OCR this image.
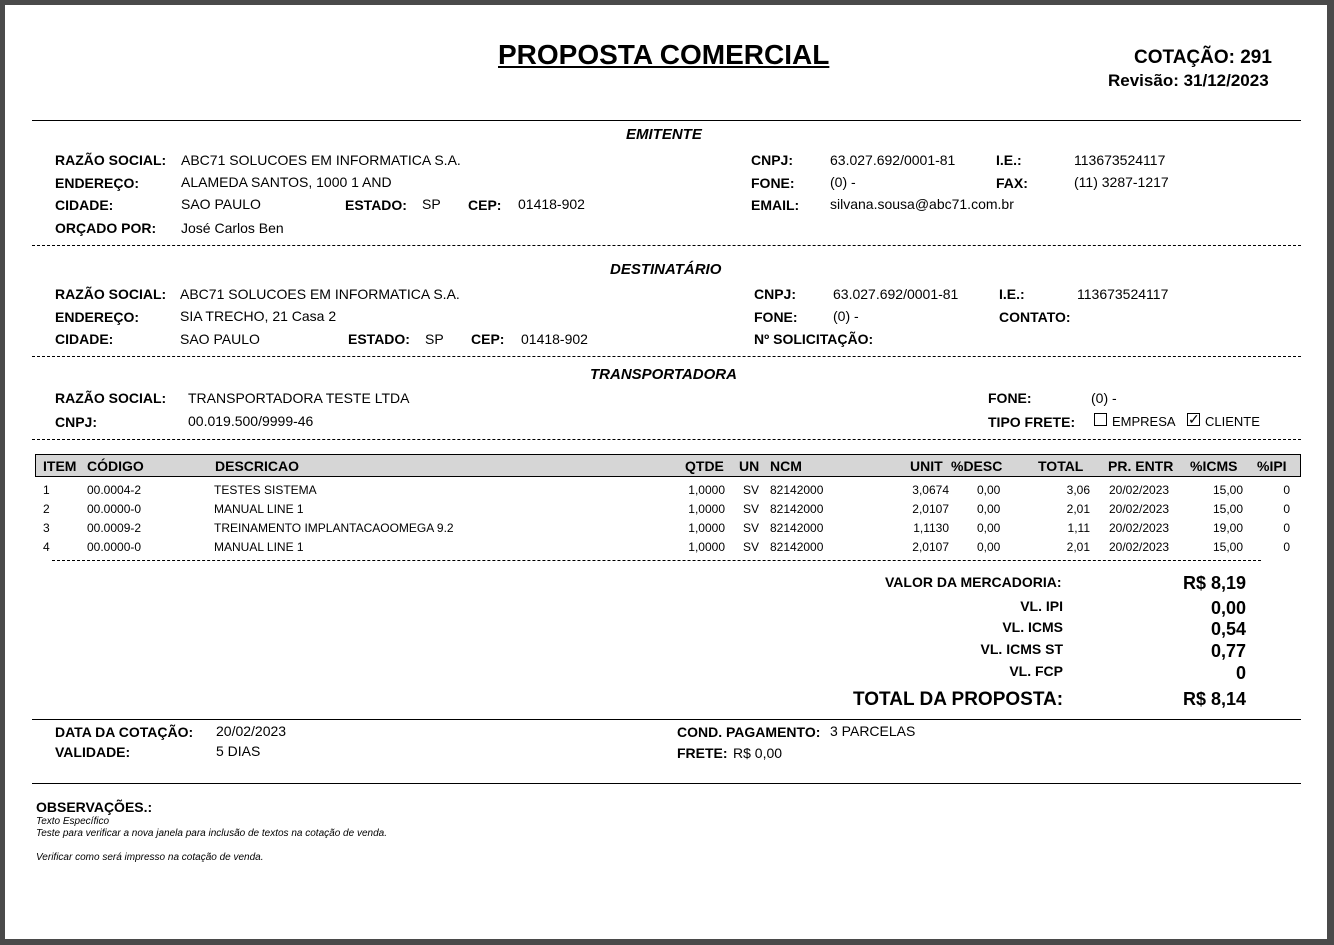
PROPOSTA COMERCIAL	COTAÇÃO: 291
Revisão: 31/12/2023
EMITENTE
RAZÃO SOCIAL: ABC71 SOLUCOES EM INFORMATICA S.A.
ENDEREÇO:	ALAMEDA SANTOS, 1000 1 AND
CIDADE:	SAO PAULO	ESTADO: SP CEP: 01418-902
ORÇADO POR: José Carlos Ben
CNPJ:	63.027.692/0001-81	I.E.:	113673524117
FONE:	(0) -	FAX:	(11) 3287-1217
EMAIL: silvana.sousa@abc71.com.br
DESTINATÁRIO
RAZÃO SOCIAL: ABC71 SOLUCOES EM INFORMATICA S.A.
ENDEREÇO:	SIA TRECHO, 21 Casa 2
CIDADE:	SAO PAULO	ESTADO: SP CEP: 01418-902
CNPJ:	63.027.692/0001-81	I.E.:	113673524117
FONE:	(0) -	CONTATO:
Nº SOLICITAÇÃO:
TRANSPORTADORA
RAZÃO SOCIAL: TRANSPORTADORA TESTE LTDA
CNPJ:	00.019.500/9999-46
FONE:	(0) -
TIPO FRETE:	EMPRESA ✓ CLIENTE
ITEM CÓDIGO	DESCRICAO	QTDE UN NCM	UNIT %DESC	TOTAL PR. ENTR %ICMS %IPI
1	00.0004-2	TESTES SISTEMA	1,0000 SV 82142000	3,0674 0,00	3,06 20/02/2023	15,00	0
2	00.0000-0	MANUAL LINE 1	1,0000 SV 82142000	2,0107 0,00	2,01 20/02/2023	15,00	0
3	00.0009-2	TREINAMENTO IMPLANTACAOOMEGA 9.2	1,0000 SV 82142000	1,1130 0,00	1,11 20/02/2023	19,00	0
4	00.0000-0	MANUAL LINE 1	1,0000 SV 82142000	2,0107 0,00	2,01 20/02/2023	15,00	0
VALOR DA MERCADORIA:	R$ 8,19
VL. IPI	0,00
VL. ICMS	0,54
VL. ICMS ST	0,77
VL. FCP	0
TOTAL DA PROPOSTA:	R$ 8,14
DATA DA COTAÇÃO: 20/02/2023
VALIDADE:	5 DIAS
COND. PAGAMENTO: 3 PARCELAS
FRETE: R$ 0,00
OBSERVAÇÕES.:
Texto Específico
Teste para verificar a nova janela para inclusão de textos na cotação de venda.
Verificar como será impresso na cotação de venda.
